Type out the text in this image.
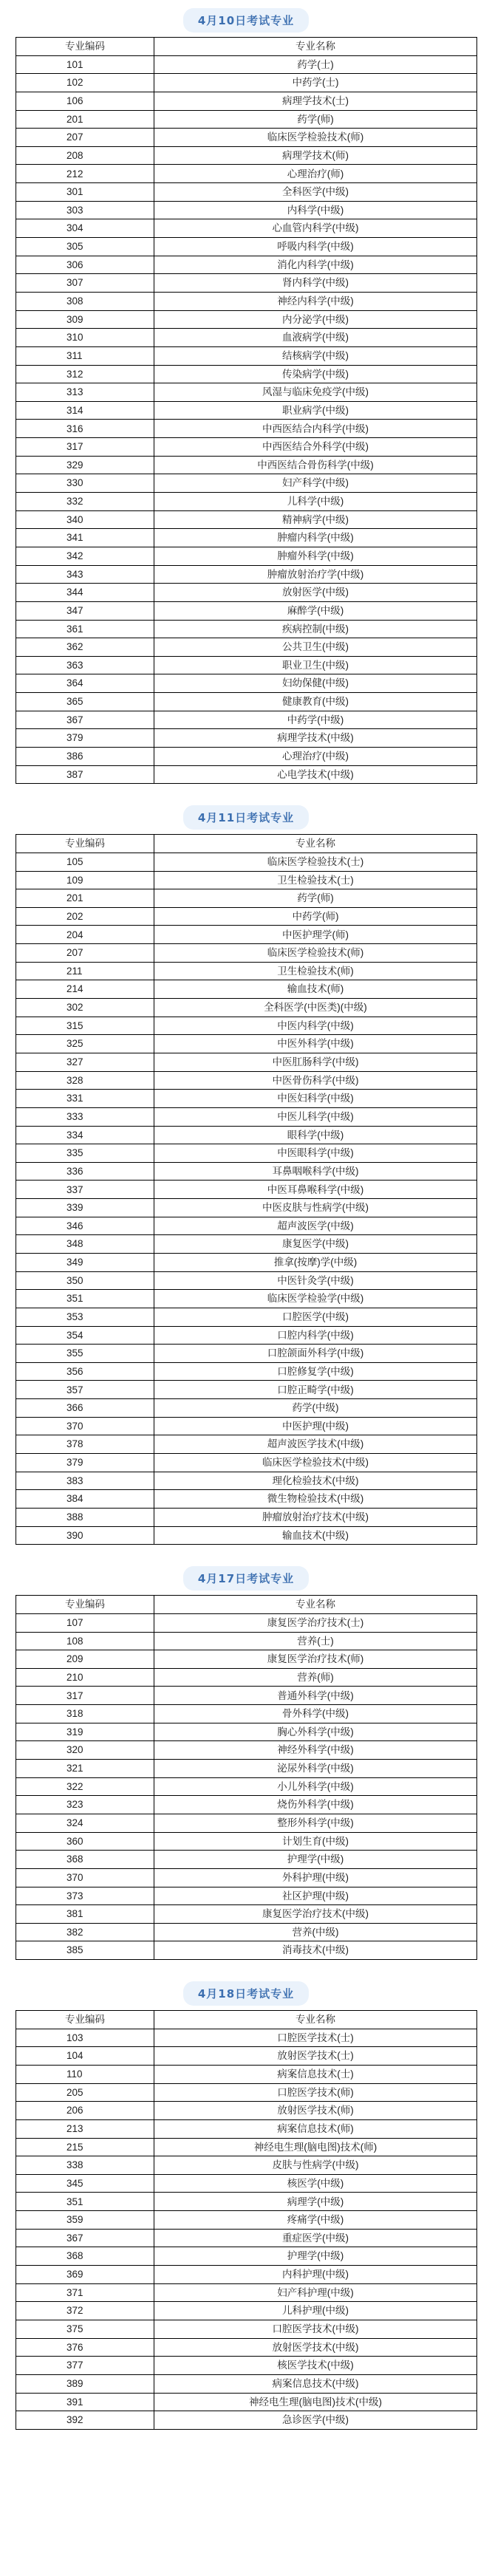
4月10日考试专业
专业编码	专业名称
101	药学(士)
102	中药学(士)
106	病理学技术(士)
201	药学(师)
207	临床医学检验技术(师)
208	病理学技术(师)
212	心理治疗(师)
301	全科医学(中级)
303	内科学(中级)
304	心血管内科学(中级)
305	呼吸内科学(中级)
306	消化内科学(中级)
307	肾内科学(中级)
308	神经内科学(中级)
309	内分泌学(中级)
310	血液病学(中级)
311	结核病学(中级)
312	传染病学(中级)
313	风湿与临床免疫学(中级)
314	职业病学(中级)
316	中西医结合内科学(中级)
317	中西医结合外科学(中级)
329	中西医结合骨伤科学(中级)
330	妇产科学(中级)
332	儿科学(中级)
340	精神病学(中级)
341	肿瘤内科学(中级)
342	肿瘤外科学(中级)
343	肿瘤放射治疗学(中级)
344	放射医学(中级)
347	麻醉学(中级)
361	疾病控制(中级)
362	公共卫生(中级)
363	职业卫生(中级)
364	妇幼保健(中级)
365	健康教育(中级)
367	中药学(中级)
379	病理学技术(中级)
386	心理治疗(中级)
387	心电学技术(中级)
4月11日考试专业
专业编码	专业名称
105	临床医学检验技术(士)
109	卫生检验技术(士)
201	药学(师)
202	中药学(师)
204	中医护理学(师)
207	临床医学检验技术(师)
211	卫生检验技术(师)
214	输血技术(师)
302	全科医学(中医类)(中级)
315	中医内科学(中级)
325	中医外科学(中级)
327	中医肛肠科学(中级)
328	中医骨伤科学(中级)
331	中医妇科学(中级)
333	中医儿科学(中级)
334	眼科学(中级)
335	中医眼科学(中级)
336	耳鼻咽喉科学(中级)
337	中医耳鼻喉科学(中级)
339	中医皮肤与性病学(中级)
346	超声波医学(中级)
348	康复医学(中级)
349	推拿(按摩)学(中级)
350	中医针灸学(中级)
351	临床医学检验学(中级)
353	口腔医学(中级)
354	口腔内科学(中级)
355	口腔颌面外科学(中级)
356	口腔修复学(中级)
357	口腔正畸学(中级)
366	药学(中级)
370	中医护理(中级)
378	超声波医学技术(中级)
379	临床医学检验技术(中级)
383	理化检验技术(中级)
384	微生物检验技术(中级)
388	肿瘤放射治疗技术(中级)
390	输血技术(中级)
4月17日考试专业
专业编码	专业名称
107	康复医学治疗技术(士)
108	营养(士)
209	康复医学治疗技术(师)
210	营养(师)
317	普通外科学(中级)
318	骨外科学(中级)
319	胸心外科学(中级)
320	神经外科学(中级)
321	泌尿外科学(中级)
322	小儿外科学(中级)
323	烧伤外科学(中级)
324	整形外科学(中级)
360	计划生育(中级)
368	护理学(中级)
370	外科护理(中级)
373	社区护理(中级)
381	康复医学治疗技术(中级)
382	营养(中级)
385	消毒技术(中级)
4月18日考试专业
专业编码	专业名称
103	口腔医学技术(士)
104	放射医学技术(士)
110	病案信息技术(士)
205	口腔医学技术(师)
206	放射医学技术(师)
213	病案信息技术(师)
215	神经电生理(脑电图)技术(师)
338	皮肤与性病学(中级)
345	核医学(中级)
351	病理学(中级)
359	疼痛学(中级)
367	重症医学(中级)
368	护理学(中级)
369	内科护理(中级)
371	妇产科护理(中级)
372	儿科护理(中级)
375	口腔医学技术(中级)
376	放射医学技术(中级)
377	核医学技术(中级)
389	病案信息技术(中级)
391	神经电生理(脑电图)技术(中级)
392	急诊医学(中级)
